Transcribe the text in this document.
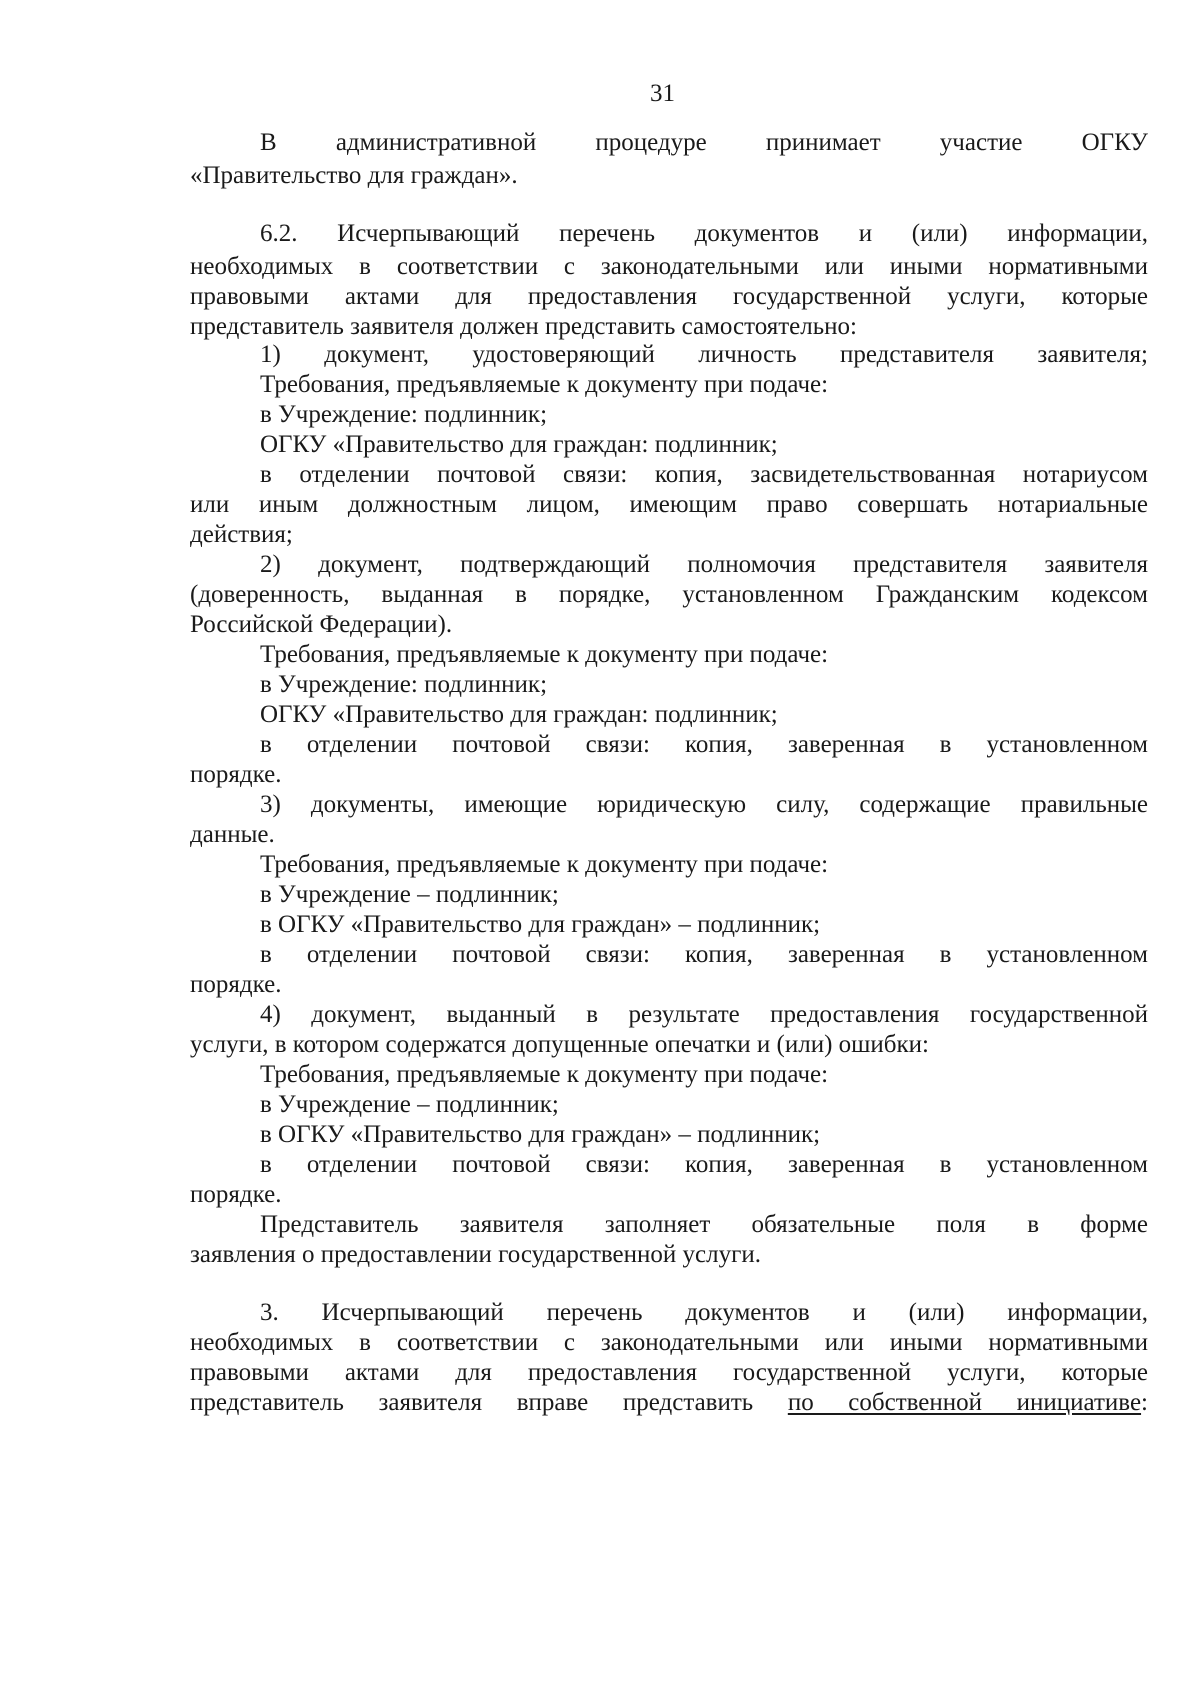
31
В административной процедуре принимает участие ОГКУ
«Правительство для граждан».
6.2. Исчерпывающий перечень документов и (или) информации,
необходимых в соответствии с законодательными или иными нормативными
правовыми актами для предоставления государственной услуги, которые
представитель заявителя должен представить самостоятельно:
1) документ, удостоверяющий личность представителя заявителя;
Требования, предъявляемые к документу при подаче:
в Учреждение: подлинник;
ОГКУ «Правительство для граждан: подлинник;
в отделении почтовой связи: копия, засвидетельствованная нотариусом
или иным должностным лицом, имеющим право совершать нотариальные
действия;
2) документ, подтверждающий полномочия представителя заявителя
(доверенность, выданная в порядке, установленном Гражданским кодексом
Российской Федерации).
Требования, предъявляемые к документу при подаче:
в Учреждение: подлинник;
ОГКУ «Правительство для граждан: подлинник;
в отделении почтовой связи: копия, заверенная в установленном
порядке.
3) документы, имеющие юридическую силу, содержащие правильные
данные.
Требования, предъявляемые к документу при подаче:
в Учреждение – подлинник;
в ОГКУ «Правительство для граждан» – подлинник;
в отделении почтовой связи: копия, заверенная в установленном
порядке.
4) документ, выданный в результате предоставления государственной
услуги, в котором содержатся допущенные опечатки и (или) ошибки:
Требования, предъявляемые к документу при подаче:
в Учреждение – подлинник;
в ОГКУ «Правительство для граждан» – подлинник;
в отделении почтовой связи: копия, заверенная в установленном
порядке.
Представитель заявителя заполняет обязательные поля в форме
заявления о предоставлении государственной услуги.
3. Исчерпывающий перечень документов и (или) информации,
необходимых в соответствии с законодательными или иными нормативными
правовыми актами для предоставления государственной услуги, которые
представитель заявителя вправе представить по собственной инициативе:
